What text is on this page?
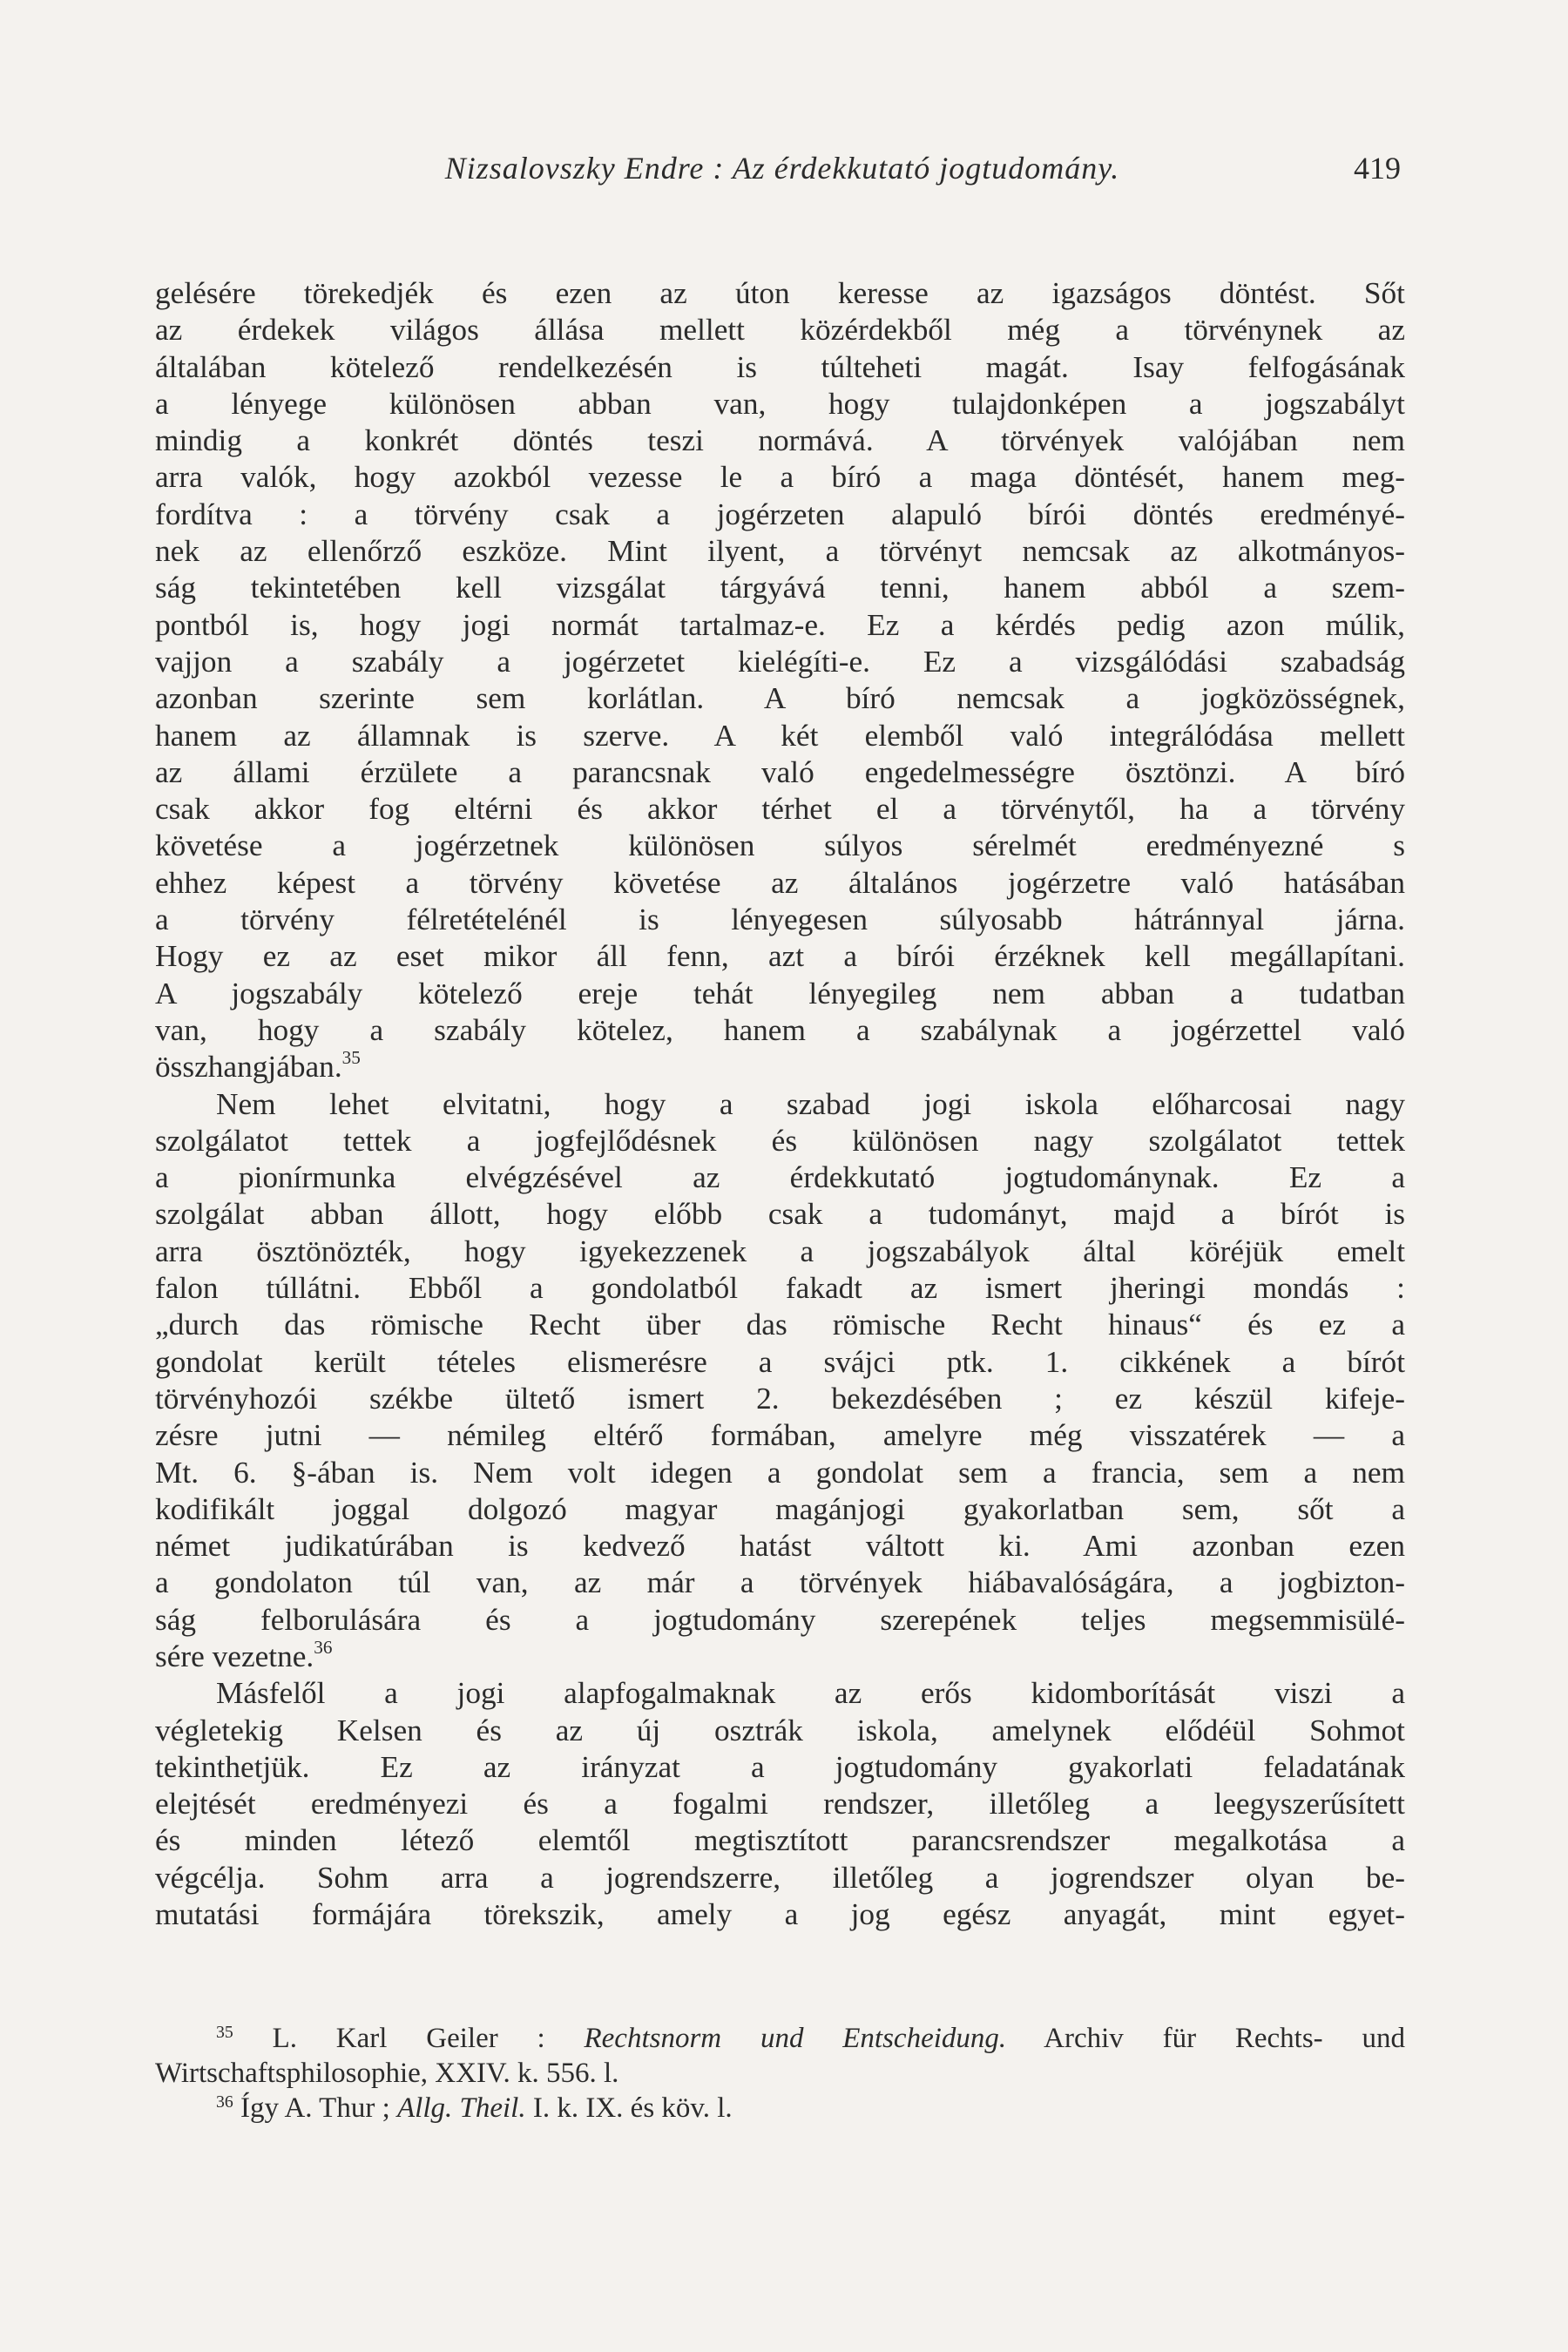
Nizsalovszky Endre : Az érdekkutató jogtudomány.	419
gelésére törekedjék és ezen az úton keresse az igazságos döntést. Sőt
az érdekek világos állása mellett közérdekből még a törvénynek az
általában kötelező rendelkezésén is túlteheti magát. Isay felfogásának
a lényege különösen abban van, hogy tulajdonképen a jogszabályt
mindig a konkrét döntés teszi normává. A törvények valójában nem
arra valók, hogy azokból vezesse le a bíró a maga döntését, hanem meg-
fordítva : a törvény csak a jogérzeten alapuló bírói döntés eredményé-
nek az ellenőrző eszköze. Mint ilyent, a törvényt nemcsak az alkotmányos-
ság tekintetében kell vizsgálat tárgyává tenni, hanem abból a szem-
pontból is, hogy jogi normát tartalmaz-e. Ez a kérdés pedig azon múlik,
vajjon a szabály a jogérzetet kielégíti-e. Ez a vizsgálódási szabadság
azonban szerinte sem korlátlan. A bíró nemcsak a jogközösségnek,
hanem az államnak is szerve. A két elemből való integrálódása mellett
az állami érzülete a parancsnak való engedelmességre ösztönzi. A bíró
csak akkor fog eltérni és akkor térhet el a törvénytől, ha a törvény
követése a jogérzetnek különösen súlyos sérelmét eredményezné s
ehhez képest a törvény követése az általános jogérzetre való hatásában
a törvény félretételénél is lényegesen súlyosabb hátránnyal járna.
Hogy ez az eset mikor áll fenn, azt a bírói érzéknek kell megállapítani.
A jogszabály kötelező ereje tehát lényegileg nem abban a tudatban
van, hogy a szabály kötelez, hanem a szabálynak a jogérzettel való
összhangjában.$^{35}$
Nem lehet elvitatni, hogy a szabad jogi iskola előharcosai nagy
szolgálatot tettek a jogfejlődésnek és különösen nagy szolgálatot tettek
a pionírmunka elvégzésével az érdekkutató jogtudománynak. Ez a
szolgálat abban állott, hogy előbb csak a tudományt, majd a bírót is
arra ösztönözték, hogy igyekezzenek a jogszabályok által köréjük emelt
falon túllátni. Ebből a gondolatból fakadt az ismert jheringi mondás :
„durch das römische Recht über das römische Recht hinaus“ és ez a
gondolat került tételes elismerésre a svájci ptk. 1. cikkének a bírót
törvényhozói székbe ültető ismert 2. bekezdésében ; ez készül kifeje-
zésre jutni — némileg eltérő formában, amelyre még visszatérek — a
Mt. 6. §-ában is. Nem volt idegen a gondolat sem a francia, sem a nem
kodifikált joggal dolgozó magyar magánjogi gyakorlatban sem, sőt a
német judikatúrában is kedvező hatást váltott ki. Ami azonban ezen
a gondolaton túl van, az már a törvények hiábavalóságára, a jogbizton-
ság felborulására és a jogtudomány szerepének teljes megsemmisülé-
sére vezetne.$^{36}$
Másfelől a jogi alapfogalmaknak az erős kidomborítását viszi a
végletekig Kelsen és az új osztrák iskola, amelynek elődéül Sohmot
tekinthetjük. Ez az irányzat a jogtudomány gyakorlati feladatának
elejtését eredményezi és a fogalmi rendszer, illetőleg a leegyszerűsített
és minden létező elemtől megtisztított parancsrendszer megalkotása a
végcélja. Sohm arra a jogrendszerre, illetőleg a jogrendszer olyan be-
mutatási formájára törekszik, amely a jog egész anyagát, mint egyet-
$^{35}$ L. Karl Geiler : Rechtsnorm und Entscheidung. Archiv für Rechts- und
Wirtschaftsphilosophie, XXIV. k. 556. l.
$^{36}$ Így A. Thur ; Allg. Theil. I. k. IX. és köv. l.
